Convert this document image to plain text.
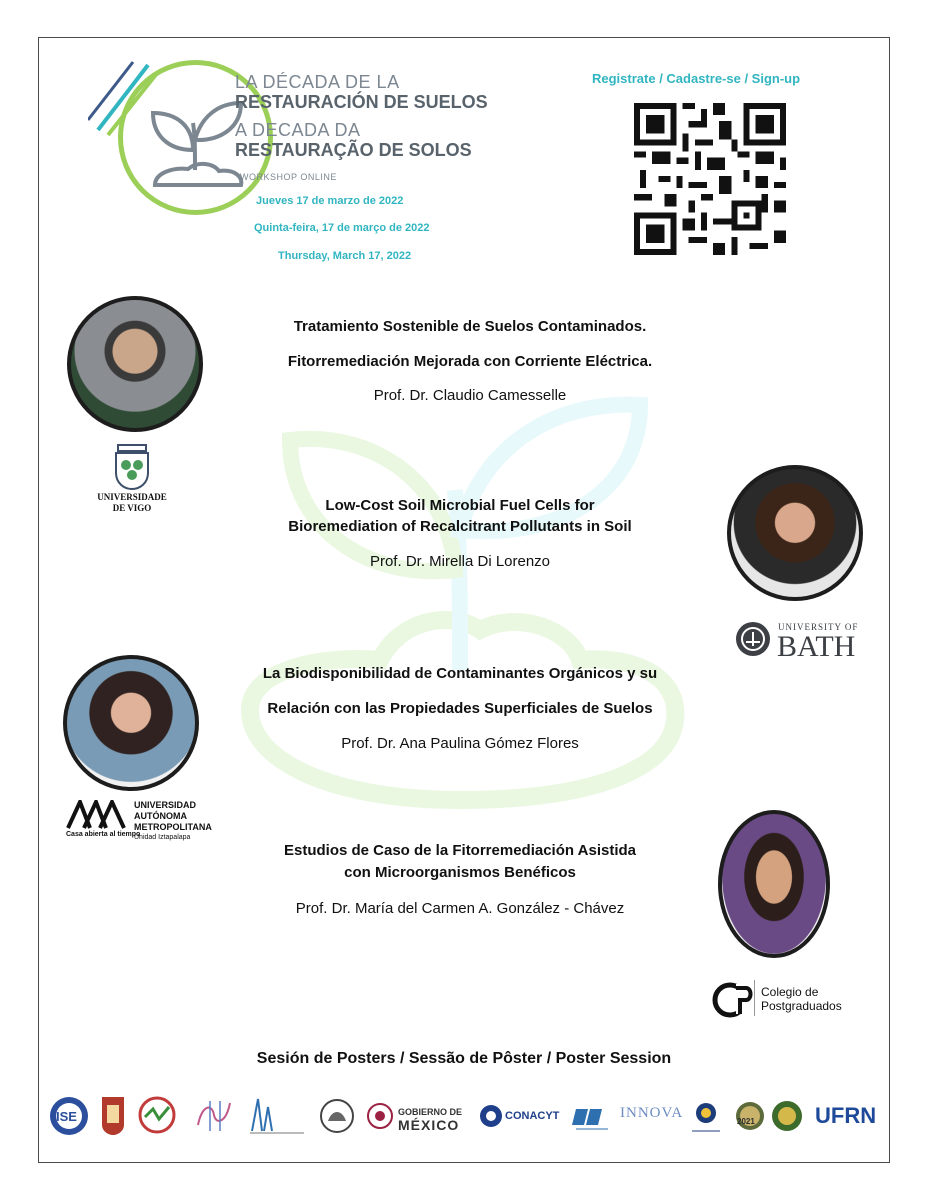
LA DÉCADA DE LA
RESTAURACIÓN DE SUELOS
A DECADA DA
RESTAURAÇÃO DE SOLOS
WORKSHOP ONLINE
Jueves 17 de marzo de 2022
Quinta-feira, 17 de março de 2022
Thursday, March 17, 2022
Registrate / Cadastre-se / Sign-up
UNIVERSIDADE
DE VIGO
Tratamiento Sostenible de Suelos Contaminados.
Fitorremediación Mejorada con Corriente Eléctrica.
Prof. Dr. Claudio Camesselle
Low-Cost Soil Microbial Fuel Cells for
Bioremediation of Recalcitrant Pollutants in Soil
Prof. Dr. Mirella Di Lorenzo
UNIVERSITY OF
BATH
Casa abierta al tiempo
UNIVERSIDAD
AUTÓNOMA
METROPOLITANA
Unidad Iztapalapa
La Biodisponibilidad de Contaminantes Orgánicos y su
Relación con las Propiedades Superficiales de Suelos
Prof. Dr. Ana Paulina Gómez Flores
Estudios de Caso de la Fitorremediación Asistida
con Microorganismos Benéficos
Prof. Dr. María del Carmen A. González - Chávez
Colegio de
Postgraduados
Sesión de Posters / Sessão de Pôster / Poster Session
ISE	GOBIERNO DE
MÉXICO
CONACYT	INNOVA
2021	UFRN
